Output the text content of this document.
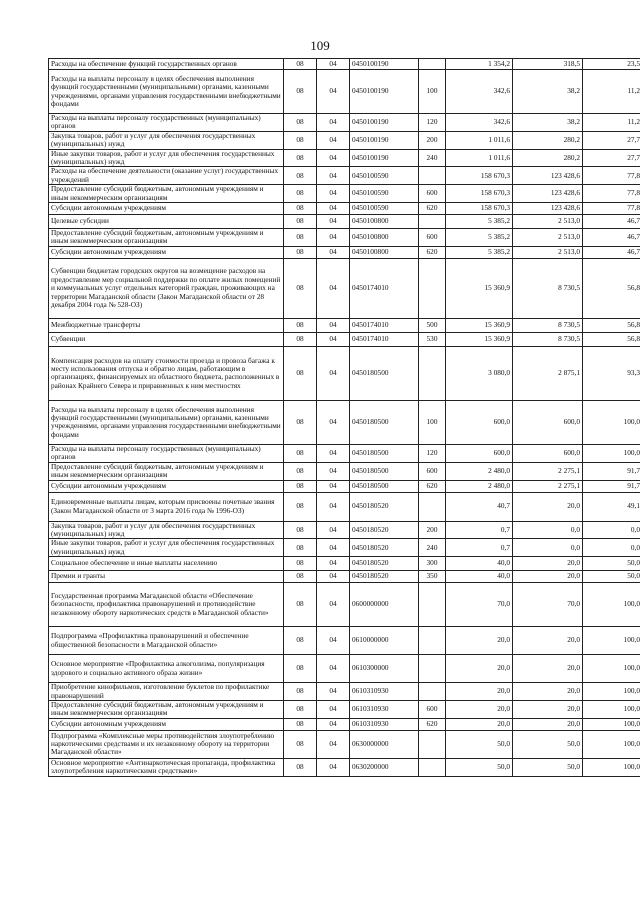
109
Расходы на обеспечение функций государственных органов	08	04	0450100190		1 354,2	318,5	23,5
Расходы на выплаты персоналу в целях обеспечения выполнения функций государственными (муниципальными) органами, казенными учреждениями, органами управления государственными внебюджетными фондами	08	04	0450100190	100	342,6	38,2	11,2
Расходы на выплаты персоналу государственных (муниципальных) органов	08	04	0450100190	120	342,6	38,2	11,2
Закупка товаров, работ и услуг для обеспечения государственных (муниципальных) нужд	08	04	0450100190	200	1 011,6	280,2	27,7
Иные закупки товаров, работ и услуг для обеспечения государственных (муниципальных) нужд	08	04	0450100190	240	1 011,6	280,2	27,7
Расходы на обеспечение деятельности (оказание услуг) государственных учреждений	08	04	0450100590		158 670,3	123 428,6	77,8
Предоставление субсидий бюджетным, автономным учреждениям и иным некоммерческим организациям	08	04	0450100590	600	158 670,3	123 428,6	77,8
Субсидии автономным учреждениям	08	04	0450100590	620	158 670,3	123 428,6	77,8
Целевые субсидии	08	04	0450100800		5 385,2	2 513,0	46,7
Предоставление субсидий бюджетным, автономным учреждениям и иным некоммерческим организациям	08	04	0450100800	600	5 385,2	2 513,0	46,7
Субсидии автономным учреждениям	08	04	0450100800	620	5 385,2	2 513,0	46,7
Субвенции бюджетам городских округов на возмещение расходов на предоставление мер социальной поддержки по оплате жилых помещений и коммунальных услуг отдельных категорий граждан, проживающих на территории Магаданской области (Закон Магаданской области от 28 декабря 2004 года № 528-ОЗ)	08	04	0450174010		15 360,9	8 730,5	56,8
Межбюджетные трансферты	08	04	0450174010	500	15 360,9	8 730,5	56,8
Субвенции	08	04	0450174010	530	15 360,9	8 730,5	56,8
Компенсация расходов на оплату стоимости проезда и провоза багажа к месту использования отпуска и обратно лицам, работающим в организациях, финансируемых из областного бюджета, расположенных в районах Крайнего Севера и приравненных к ним местностях	08	04	0450180500		3 080,0	2 875,1	93,3
Расходы на выплаты персоналу в целях обеспечения выполнения функций государственными (муниципальными) органами, казенными учреждениями, органами управления государственными внебюджетными фондами	08	04	0450180500	100	600,0	600,0	100,0
Расходы на выплаты персоналу государственных (муниципальных) органов	08	04	0450180500	120	600,0	600,0	100,0
Предоставление субсидий бюджетным, автономным учреждениям и иным некоммерческим организациям	08	04	0450180500	600	2 480,0	2 275,1	91,7
Субсидии автономным учреждениям	08	04	0450180500	620	2 480,0	2 275,1	91,7
Единовременные выплаты лицам, которым присвоены почетные звания (Закон Магаданской области от 3 марта 2016 года № 1996-ОЗ)	08	04	0450180520		40,7	20,0	49,1
Закупка товаров, работ и услуг для обеспечения государственных (муниципальных) нужд	08	04	0450180520	200	0,7	0,0	0,0
Иные закупки товаров, работ и услуг для обеспечения государственных (муниципальных) нужд	08	04	0450180520	240	0,7	0,0	0,0
Социальное обеспечение и иные выплаты населению	08	04	0450180520	300	40,0	20,0	50,0
Премии и гранты	08	04	0450180520	350	40,0	20,0	50,0
Государственная программа Магаданской области «Обеспечение безопасности, профилактика правонарушений и противодействие незаконному обороту наркотических средств в Магаданской области»	08	04	0600000000		70,0	70,0	100,0
Подпрограмма «Профилактика правонарушений и обеспечение общественной безопасности в Магаданской области»	08	04	0610000000		20,0	20,0	100,0
Основное мероприятие «Профилактика алкоголизма, популяризация здорового и социально активного образа жизни»	08	04	0610300000		20,0	20,0	100,0
Приобретение кинофильмов, изготовление буклетов по профилактике правонарушений	08	04	0610310930		20,0	20,0	100,0
Предоставление субсидий бюджетным, автономным учреждениям и иным некоммерческим организациям	08	04	0610310930	600	20,0	20,0	100,0
Субсидии автономным учреждениям	08	04	0610310930	620	20,0	20,0	100,0
Подпрограмма «Комплексные меры противодействия злоупотреблению наркотическими средствами и их незаконному обороту на территории Магаданской области»	08	04	0630000000		50,0	50,0	100,0
Основное мероприятие «Антинаркотическая пропаганда, профилактика злоупотребления наркотическими средствами»	08	04	0630200000		50,0	50,0	100,0
